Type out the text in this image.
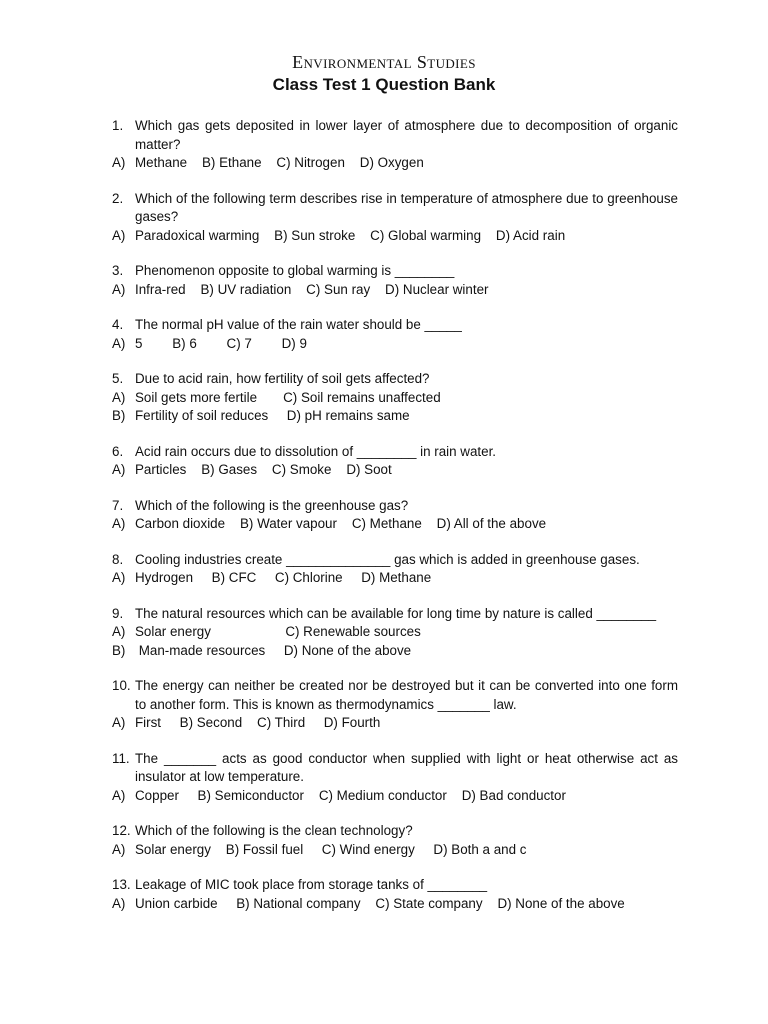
Environmental Studies
Class Test 1 Question Bank
1. Which gas gets deposited in lower layer of atmosphere due to decomposition of organic matter?
A) Methane    B) Ethane    C) Nitrogen    D) Oxygen
2. Which of the following term describes rise in temperature of atmosphere due to greenhouse gases?
A) Paradoxical warming    B) Sun stroke    C) Global warming    D) Acid rain
3. Phenomenon opposite to global warming is ________
A) Infra-red    B) UV radiation    C) Sun ray    D) Nuclear winter
4. The normal pH value of the rain water should be _____
A) 5        B) 6        C) 7        D) 9
5. Due to acid rain, how fertility of soil gets affected?
A) Soil gets more fertile       C) Soil remains unaffected
B) Fertility of soil reduces     D) pH remains same
6. Acid rain occurs due to dissolution of ________ in rain water.
A) Particles    B) Gases    C) Smoke    D) Soot
7. Which of the following is the greenhouse gas?
A) Carbon dioxide    B) Water vapour    C) Methane    D) All of the above
8. Cooling industries create ______________ gas which is added in greenhouse gases.
A) Hydrogen     B) CFC     C) Chlorine     D) Methane
9. The natural resources which can be available for long time by nature is called ________
A) Solar energy                    C) Renewable sources
B) Man-made resources     D) None of the above
10. The energy can neither be created nor be destroyed but it can be converted into one form to another form. This is known as thermodynamics _______ law.
A) First     B) Second    C) Third     D) Fourth
11. The _______ acts as good conductor when supplied with light or heat otherwise act as insulator at low temperature.
A) Copper     B) Semiconductor    C) Medium conductor    D) Bad conductor
12. Which of the following is the clean technology?
A) Solar energy    B) Fossil fuel     C) Wind energy     D) Both a and c
13. Leakage of MIC took place from storage tanks of ________
A) Union carbide     B) National company    C) State company    D) None of the above
